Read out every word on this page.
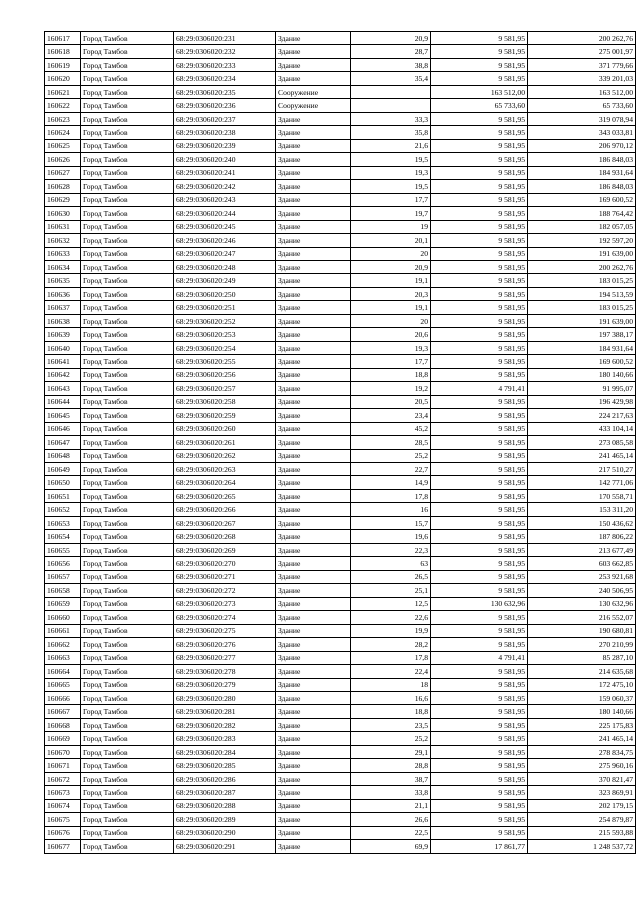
160617	Город Тамбов	68:29:0306020:231	Здание	20,9	9 581,95	200 262,76
160618	Город Тамбов	68:29:0306020:232	Здание	28,7	9 581,95	275 001,97
160619	Город Тамбов	68:29:0306020:233	Здание	38,8	9 581,95	371 779,66
160620	Город Тамбов	68:29:0306020:234	Здание	35,4	9 581,95	339 201,03
160621	Город Тамбов	68:29:0306020:235	Сооружение		163 512,00	163 512,00
160622	Город Тамбов	68:29:0306020:236	Сооружение		65 733,60	65 733,60
160623	Город Тамбов	68:29:0306020:237	Здание	33,3	9 581,95	319 078,94
160624	Город Тамбов	68:29:0306020:238	Здание	35,8	9 581,95	343 033,81
160625	Город Тамбов	68:29:0306020:239	Здание	21,6	9 581,95	206 970,12
160626	Город Тамбов	68:29:0306020:240	Здание	19,5	9 581,95	186 848,03
160627	Город Тамбов	68:29:0306020:241	Здание	19,3	9 581,95	184 931,64
160628	Город Тамбов	68:29:0306020:242	Здание	19,5	9 581,95	186 848,03
160629	Город Тамбов	68:29:0306020:243	Здание	17,7	9 581,95	169 600,52
160630	Город Тамбов	68:29:0306020:244	Здание	19,7	9 581,95	188 764,42
160631	Город Тамбов	68:29:0306020:245	Здание	19	9 581,95	182 057,05
160632	Город Тамбов	68:29:0306020:246	Здание	20,1	9 581,95	192 597,20
160633	Город Тамбов	68:29:0306020:247	Здание	20	9 581,95	191 639,00
160634	Город Тамбов	68:29:0306020:248	Здание	20,9	9 581,95	200 262,76
160635	Город Тамбов	68:29:0306020:249	Здание	19,1	9 581,95	183 015,25
160636	Город Тамбов	68:29:0306020:250	Здание	20,3	9 581,95	194 513,59
160637	Город Тамбов	68:29:0306020:251	Здание	19,1	9 581,95	183 015,25
160638	Город Тамбов	68:29:0306020:252	Здание	20	9 581,95	191 639,00
160639	Город Тамбов	68:29:0306020:253	Здание	20,6	9 581,95	197 388,17
160640	Город Тамбов	68:29:0306020:254	Здание	19,3	9 581,95	184 931,64
160641	Город Тамбов	68:29:0306020:255	Здание	17,7	9 581,95	169 600,52
160642	Город Тамбов	68:29:0306020:256	Здание	18,8	9 581,95	180 140,66
160643	Город Тамбов	68:29:0306020:257	Здание	19,2	4 791,41	91 995,07
160644	Город Тамбов	68:29:0306020:258	Здание	20,5	9 581,95	196 429,98
160645	Город Тамбов	68:29:0306020:259	Здание	23,4	9 581,95	224 217,63
160646	Город Тамбов	68:29:0306020:260	Здание	45,2	9 581,95	433 104,14
160647	Город Тамбов	68:29:0306020:261	Здание	28,5	9 581,95	273 085,58
160648	Город Тамбов	68:29:0306020:262	Здание	25,2	9 581,95	241 465,14
160649	Город Тамбов	68:29:0306020:263	Здание	22,7	9 581,95	217 510,27
160650	Город Тамбов	68:29:0306020:264	Здание	14,9	9 581,95	142 771,06
160651	Город Тамбов	68:29:0306020:265	Здание	17,8	9 581,95	170 558,71
160652	Город Тамбов	68:29:0306020:266	Здание	16	9 581,95	153 311,20
160653	Город Тамбов	68:29:0306020:267	Здание	15,7	9 581,95	150 436,62
160654	Город Тамбов	68:29:0306020:268	Здание	19,6	9 581,95	187 806,22
160655	Город Тамбов	68:29:0306020:269	Здание	22,3	9 581,95	213 677,49
160656	Город Тамбов	68:29:0306020:270	Здание	63	9 581,95	603 662,85
160657	Город Тамбов	68:29:0306020:271	Здание	26,5	9 581,95	253 921,68
160658	Город Тамбов	68:29:0306020:272	Здание	25,1	9 581,95	240 506,95
160659	Город Тамбов	68:29:0306020:273	Здание	12,5	130 632,96	130 632,96
160660	Город Тамбов	68:29:0306020:274	Здание	22,6	9 581,95	216 552,07
160661	Город Тамбов	68:29:0306020:275	Здание	19,9	9 581,95	190 680,81
160662	Город Тамбов	68:29:0306020:276	Здание	28,2	9 581,95	270 210,99
160663	Город Тамбов	68:29:0306020:277	Здание	17,8	4 791,41	85 287,10
160664	Город Тамбов	68:29:0306020:278	Здание	22,4	9 581,95	214 635,68
160665	Город Тамбов	68:29:0306020:279	Здание	18	9 581,95	172 475,10
160666	Город Тамбов	68:29:0306020:280	Здание	16,6	9 581,95	159 060,37
160667	Город Тамбов	68:29:0306020:281	Здание	18,8	9 581,95	180 140,66
160668	Город Тамбов	68:29:0306020:282	Здание	23,5	9 581,95	225 175,83
160669	Город Тамбов	68:29:0306020:283	Здание	25,2	9 581,95	241 465,14
160670	Город Тамбов	68:29:0306020:284	Здание	29,1	9 581,95	278 834,75
160671	Город Тамбов	68:29:0306020:285	Здание	28,8	9 581,95	275 960,16
160672	Город Тамбов	68:29:0306020:286	Здание	38,7	9 581,95	370 821,47
160673	Город Тамбов	68:29:0306020:287	Здание	33,8	9 581,95	323 869,91
160674	Город Тамбов	68:29:0306020:288	Здание	21,1	9 581,95	202 179,15
160675	Город Тамбов	68:29:0306020:289	Здание	26,6	9 581,95	254 879,87
160676	Город Тамбов	68:29:0306020:290	Здание	22,5	9 581,95	215 593,88
160677	Город Тамбов	68:29:0306020:291	Здание	69,9	17 861,77	1 248 537,72
